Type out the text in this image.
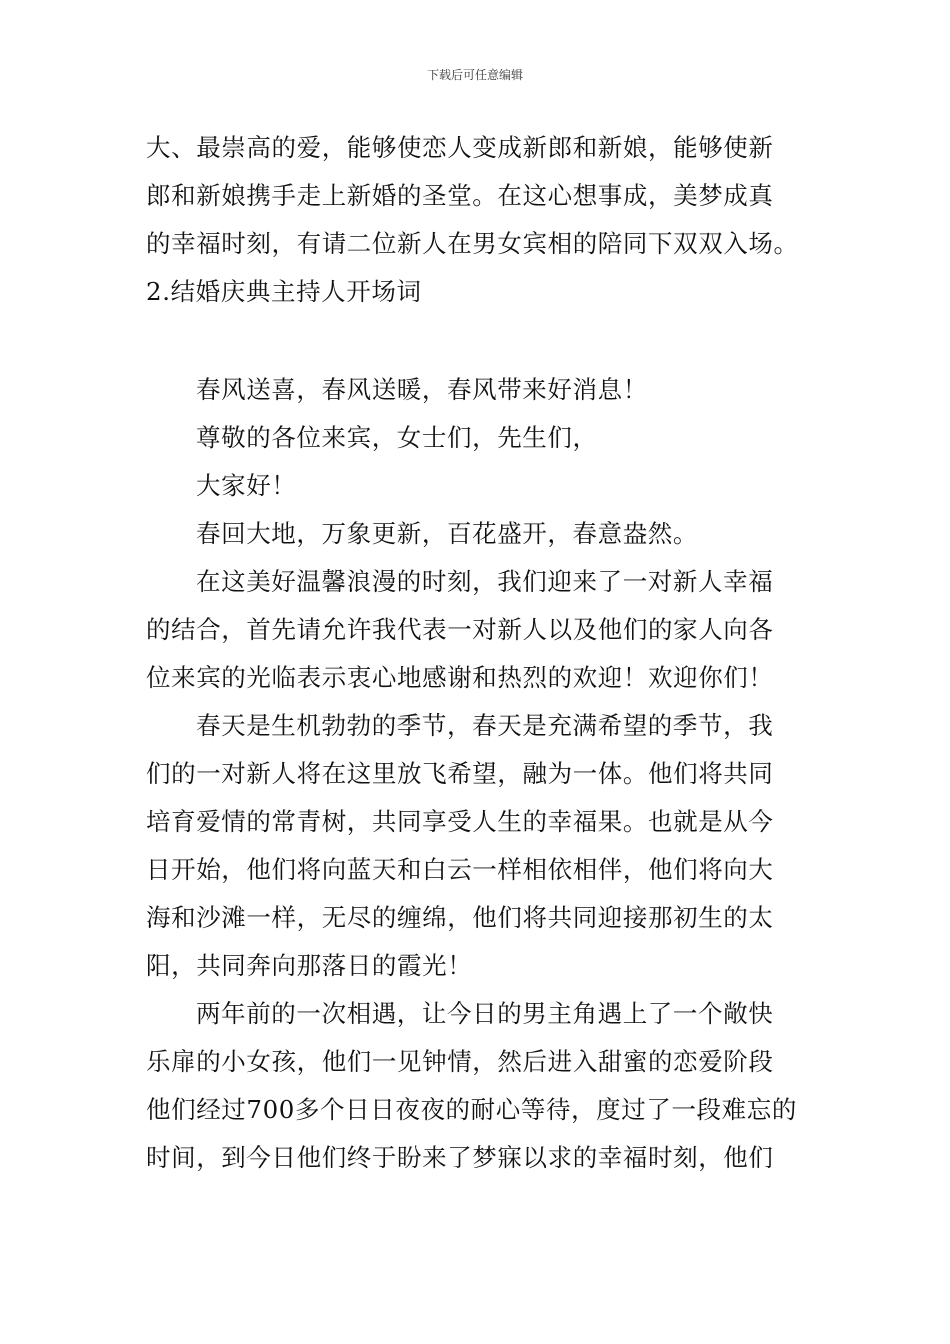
下载后可任意编辑
大、最崇高的爱，能够使恋人变成新郎和新娘，能够使新
郎和新娘携手走上新婚的圣堂。在这心想事成，美梦成真
的幸福时刻，有请二位新人在男女宾相的陪同下双双入场。
2.结婚庆典主持人开场词
春风送喜，春风送暖，春风带来好消息！
尊敬的各位来宾，女士们，先生们，
大家好！
春回大地，万象更新，百花盛开，春意盎然。
在这美好温馨浪漫的时刻，我们迎来了一对新人幸福
的结合，首先请允许我代表一对新人以及他们的家人向各
位来宾的光临表示衷心地感谢和热烈的欢迎！欢迎你们！
春天是生机勃勃的季节，春天是充满希望的季节，我
们的一对新人将在这里放飞希望，融为一体。他们将共同
培育爱情的常青树，共同享受人生的幸福果。也就是从今
日开始，他们将向蓝天和白云一样相依相伴，他们将向大
海和沙滩一样，无尽的缠绵，他们将共同迎接那初生的太
阳，共同奔向那落日的霞光！
两年前的一次相遇，让今日的男主角遇上了一个敞快
乐扉的小女孩，他们一见钟情，然后进入甜蜜的恋爱阶段
他们经过700多个日日夜夜的耐心等待，度过了一段难忘的
时间，到今日他们终于盼来了梦寐以求的幸福时刻，他们
